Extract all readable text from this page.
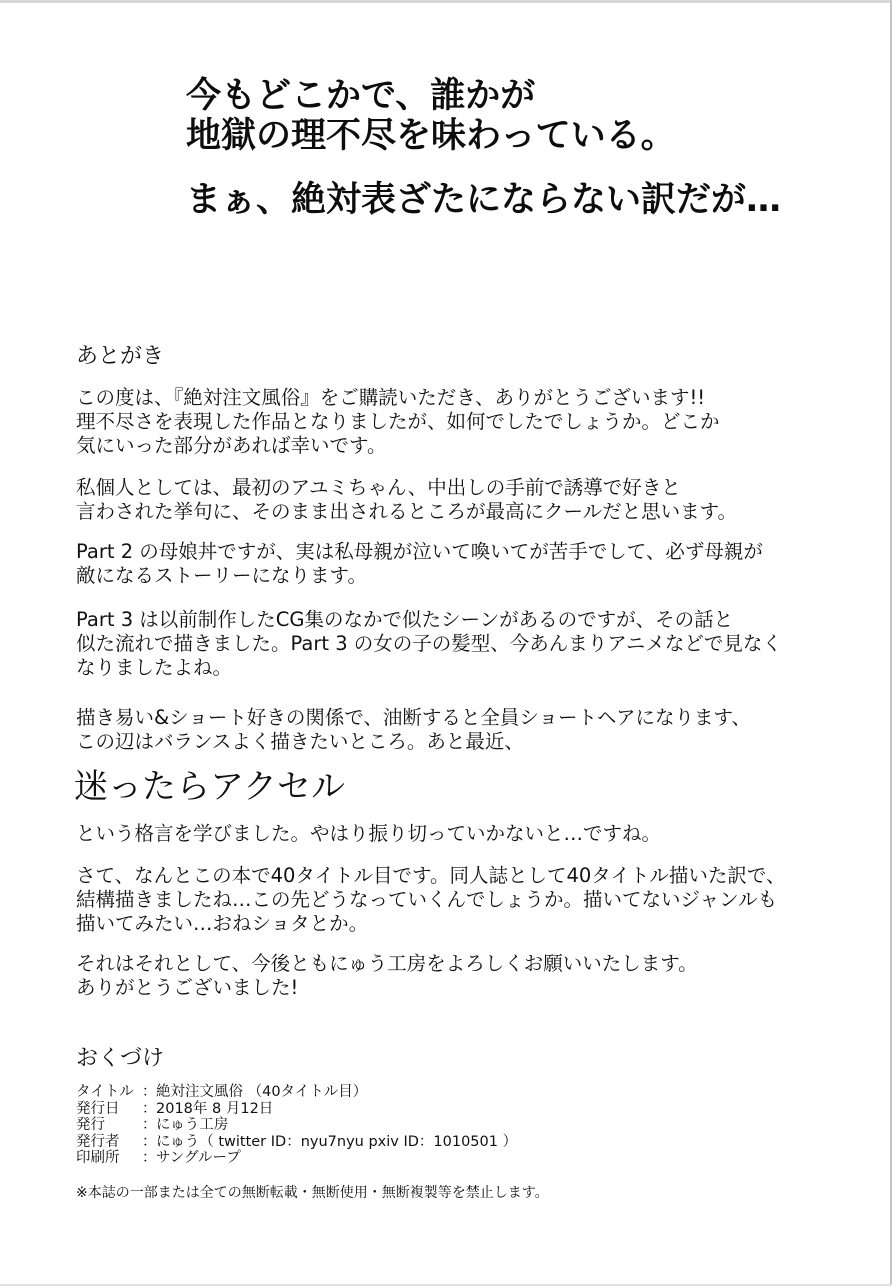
今もどこかで、誰かが
地獄の理不尽を味わっている。
まぁ、絶対表ざたにならない訳だが…
あとがき
この度は、『絶対注文風俗』をご購読いただき、ありがとうございます!!
理不尽さを表現した作品となりましたが、如何でしたでしょうか。どこか
気にいった部分があれば幸いです。
私個人としては、最初のアユミちゃん、中出しの手前で誘導で好きと
言わされた挙句に、そのまま出されるところが最高にクールだと思います。
Part 2 の母娘丼ですが、実は私母親が泣いて喚いてが苦手でして、必ず母親が
敵になるストーリーになります。
Part 3 は以前制作したCG集のなかで似たシーンがあるのですが、その話と
似た流れで描きました。Part 3 の女の子の髪型、今あんまりアニメなどで見なく
なりましたよね。
描き易い&ショート好きの関係で、油断すると全員ショートヘアになります、
この辺はバランスよく描きたいところ。あと最近、
迷ったらアクセル
という格言を学びました。やはり振り切っていかないと…ですね。
さて、なんとこの本で40タイトル目です。同人誌として40タイトル描いた訳で、
結構描きましたね…この先どうなっていくんでしょうか。描いてないジャンルも
描いてみたい…おねショタとか。
それはそれとして、今後ともにゅう工房をよろしくお願いいたします。
ありがとうございました!
おくづけ
タイトル ： 絶対注文風俗 （40タイトル目）
発行日	： 2018年 8 月12日
発行	： にゅう工房
発行者	： にゅう（ twitter ID：nyu7nyu pxiv ID：1010501 ）
印刷所	： サングループ
※本誌の一部または全ての無断転載・無断使用・無断複製等を禁止します。
